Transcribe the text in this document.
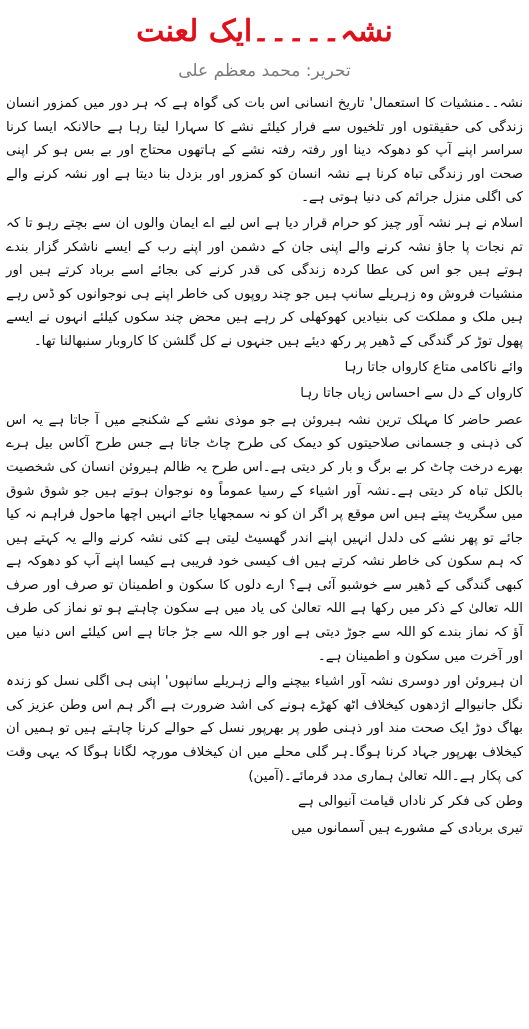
نشہ۔۔۔۔۔ایک لعنت
تحریر: محمد معظم علی

نشہ۔۔منشیات کا استعمال' تاریخ انسانی اس بات کی گواہ ہے کہ ہر دور میں کمزور انسان زندگی کی حقیقتوں اور تلخیوں سے فرار کیلئے نشے کا سہارا لیتا رہا ہے حالانکہ ایسا کرنا سراسر اپنے آپ کو دھوکہ دینا اور رفتہ رفتہ نشے کے ہاتھوں محتاج اور بے بس ہو کر اپنی صحت اور زندگی تباہ کرنا ہے نشہ انسان کو کمزور اور بزدل بنا دیتا ہے اور نشہ کرنے والے کی اگلی منزل جرائم کی دنیا ہوتی ہے۔

اسلام نے ہر نشہ آور چیز کو حرام قرار دیا ہے اس لیے اے ایمان والوں ان سے بچتے رہو تا کہ تم نجات پا جاؤ نشہ کرنے والے اپنی جان کے دشمن اور اپنے رب کے ایسے ناشکر گزار بندے ہوتے ہیں جو اس کی عطا کردہ زندگی کی قدر کرنے کی بجائے اسے برباد کرتے ہیں اور منشیات فروش وہ زہریلے سانپ ہیں جو چند روپوں کی خاطر اپنے ہی نوجوانوں کو ڈس رہے ہیں ملک و مملکت کی بنیادیں کھوکھلی کر رہے ہیں محض چند سکوں کیلئے انہوں نے ایسے پھول توڑ کر گندگی کے ڈھیر پر رکھ دیئے ہیں جنہوں نے کل گلشن کا کاروبار سنبھالنا تھا۔

وائے ناکامی متاع کارواں جاتا رہا

کارواں کے دل سے احساس زیاں جاتا رہا

عصر حاضر کا مہلک ترین نشہ ہیروئن ہے جو موذی نشے کے شکنجے میں آ جاتا ہے یہ اس کی ذہنی و جسمانی صلاحیتوں کو دیمک کی طرح چاٹ جاتا ہے جس طرح آکاس بیل ہرے بھرے درخت چاٹ کر بے برگ و بار کر دیتی ہے۔اس طرح یہ ظالم ہیروئن انسان کی شخصیت بالکل تباہ کر دیتی ہے۔نشہ آور اشیاء کے رسیا عموماً وہ نوجوان ہوتے ہیں جو شوق شوق میں سگریٹ پیتے ہیں اس موقع پر اگر ان کو نہ سمجھایا جائے انہیں اچھا ماحول فراہم نہ کیا جائے تو پھر نشے کی دلدل انہیں اپنے اندر گھسیٹ لیتی ہے کئی نشہ کرنے والے یہ کہتے ہیں کہ ہم سکون کی خاطر نشہ کرتے ہیں اف کیسی خود فریبی ہے کیسا اپنے آپ کو دھوکہ ہے کبھی گندگی کے ڈھیر سے خوشبو آئی ہے؟ ارے دلوں کا سکون و اطمینان تو صرف اور صرف اللہ تعالیٰ کے ذکر میں رکھا ہے اللہ تعالیٰ کی یاد میں ہے سکون چاہتے ہو تو نماز کی طرف آؤ کہ نماز بندے کو اللہ سے جوڑ دیتی ہے اور جو اللہ سے جڑ جاتا ہے اس کیلئے اس دنیا میں اور آخرت میں سکون و اطمینان ہے۔

ان ہیروئن اور دوسری نشہ آور اشیاء بیچنے والے زہریلے سانپوں' اپنی ہی اگلی نسل کو زندہ نگل جانیوالے اژدھوں کیخلاف اٹھ کھڑے ہونے کی اشد ضرورت ہے اگر ہم اس وطن عزیز کی بھاگ دوڑ ایک صحت مند اور ذہنی طور پر بھرپور نسل کے حوالے کرنا چاہتے ہیں تو ہمیں ان کیخلاف بھرپور جہاد کرنا ہوگا۔ہر گلی محلے میں ان کیخلاف مورچہ لگانا ہوگا کہ یہی وقت کی پکار ہے۔اللہ تعالیٰ ہماری مدد فرمائے۔(آمین)

وطن کی فکر کر ناداں قیامت آنیوالی ہے

تیری بربادی کے مشورے ہیں آسمانوں میں
